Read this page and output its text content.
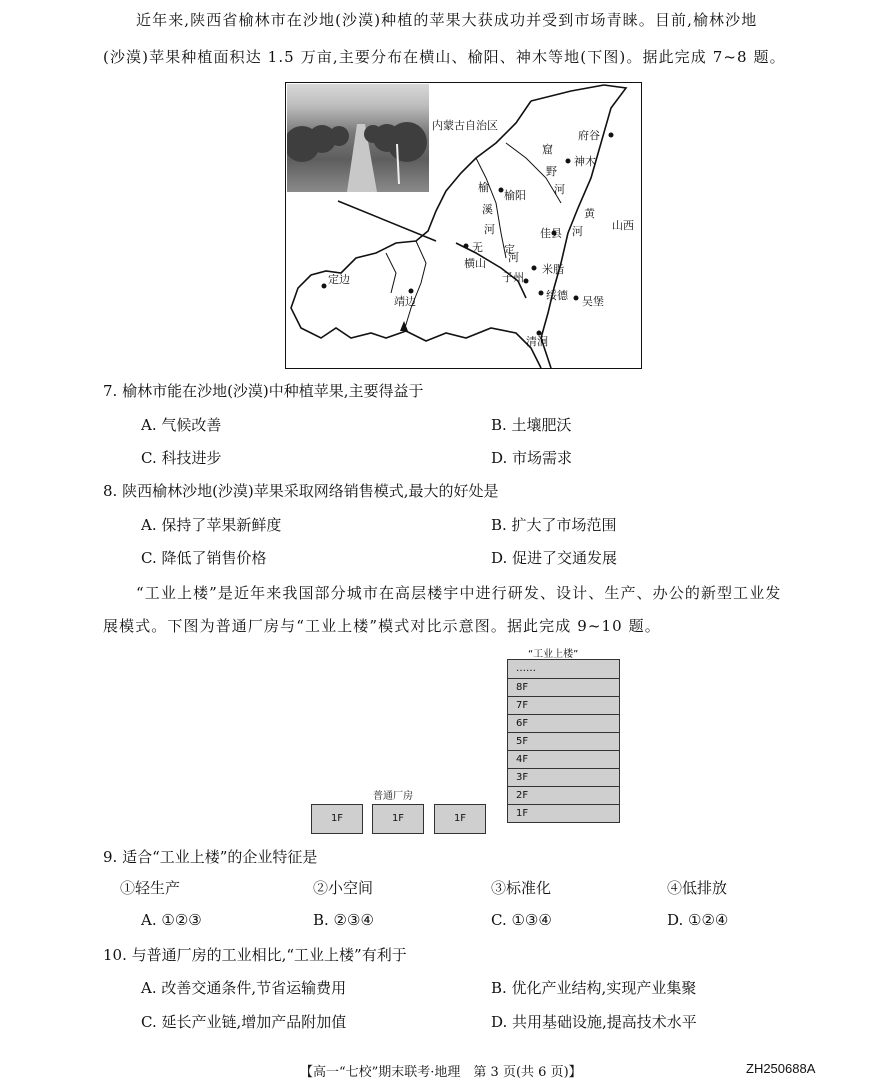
近年来,陕西省榆林市在沙地(沙漠)种植的苹果大获成功并受到市场青睐。目前,榆林沙地
(沙漠)苹果种植面积达 1.5 万亩,主要分布在横山、榆阳、神木等地(下图)。据此完成 7~8 题。
内蒙古自治区
府谷
窟
神木
野
河
榆
榆阳
溪	黄
河	山西
无 定
河	佳县
河
横山	米脂
子州
定边
绥德 吴堡
靖边
清涧
7. 榆林市能在沙地(沙漠)中种植苹果,主要得益于
A. 气候改善	B. 土壤肥沃
C. 科技进步	D. 市场需求
8. 陕西榆林沙地(沙漠)苹果采取网络销售模式,最大的好处是
A. 保持了苹果新鲜度	B. 扩大了市场范围
C. 降低了销售价格	D. 促进了交通发展
“工业上楼”是近年来我国部分城市在高层楼宇中进行研发、设计、生产、办公的新型工业发
展模式。下图为普通厂房与“工业上楼”模式对比示意图。据此完成 9~10 题。
“工业上楼”
……
8F
7F
6F
5F
4F
3F
2F
1F
普通厂房
1F	1F	1F
9. 适合“工业上楼”的企业特征是
①轻生产	②小空间	③标准化	④低排放
A. ①②③	B. ②③④	C. ①③④	D. ①②④
10. 与普通厂房的工业相比,“工业上楼”有利于
A. 改善交通条件,节省运输费用	B. 优化产业结构,实现产业集聚
C. 延长产业链,增加产品附加值	D. 共用基础设施,提高技术水平
【高一“七校”期末联考·地理　第 3 页(共 6 页)】	ZH250688A
